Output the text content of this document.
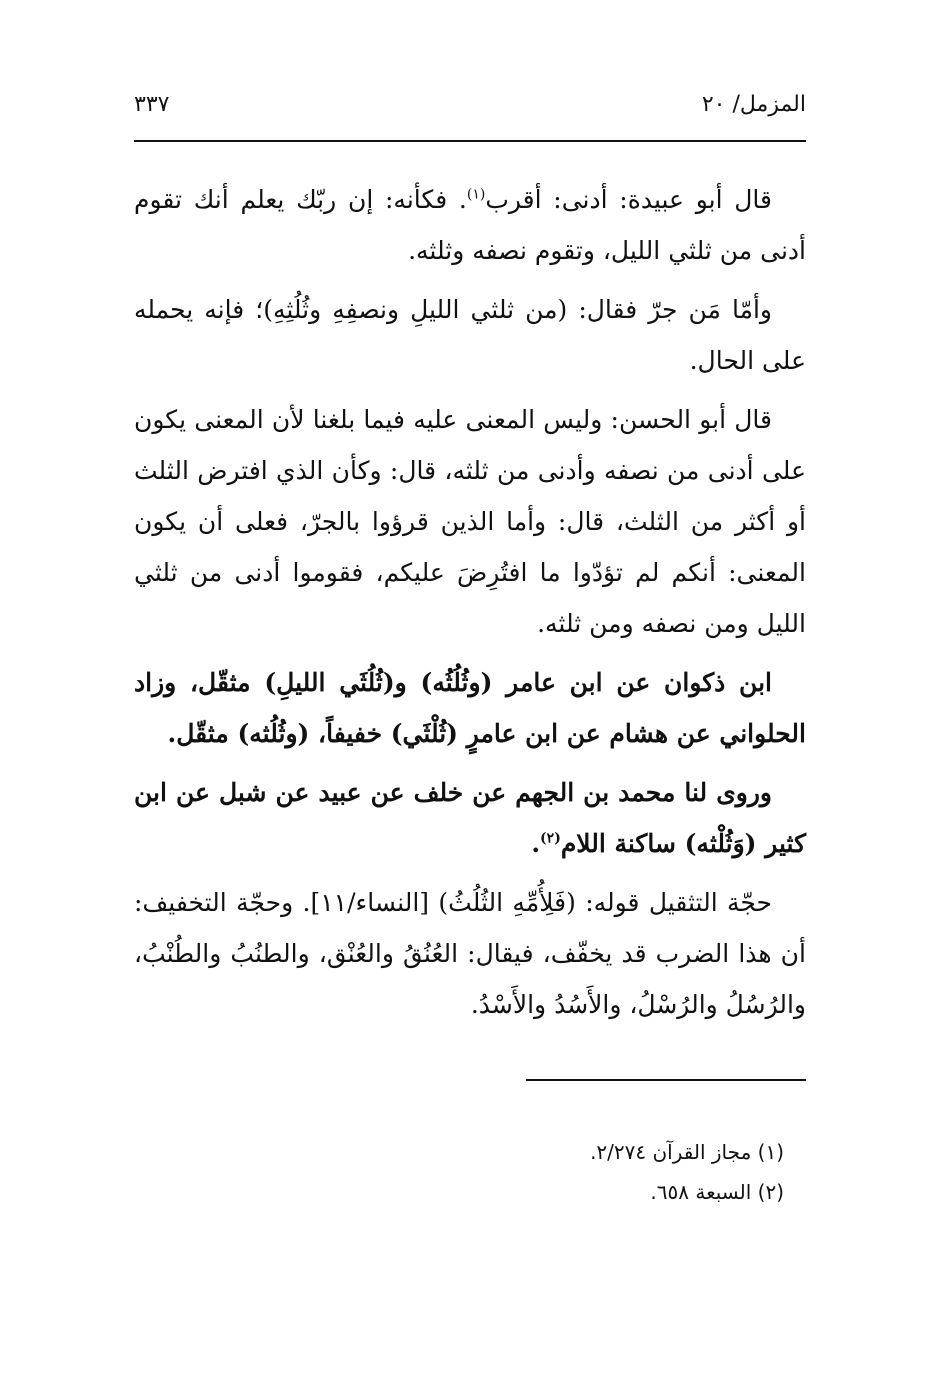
المزمل/ ٢٠
٣٣٧

قال أبو عبيدة: أدنى: أقرب$^{(١)}$. فكأنه: إن ربّك يعلم أنك تقوم أدنى من ثلثي الليل، وتقوم نصفه وثلثه.

وأمّا مَن جرّ فقال: (من ثلثي الليلِ ونصفِهِ وثُلُثِهِ)؛ فإنه يحمله على الحال.

قال أبو الحسن: وليس المعنى عليه فيما بلغنا لأن المعنى يكون على أدنى من نصفه وأدنى من ثلثه، قال: وكأن الذي افترض الثلث أو أكثر من الثلث، قال: وأما الذين قرؤوا بالجرّ، فعلى أن يكون المعنى: أنكم لم تؤدّوا ما افتُرِضَ عليكم، فقوموا أدنى من ثلثي الليل ومن نصفه ومن ثلثه.

ابن ذكوان عن ابن عامر (وثُلُثُه) و(ثُلُثَي الليلِ) مثقّل، وزاد الحلواني عن هشام عن ابن عامرٍ (ثُلْثَي) خفيفاً، (وثُلُثه) مثقّل.

وروى لنا محمد بن الجهم عن خلف عن عبيد عن شبل عن ابن كثير (وَثُلْثه) ساكنة اللام$^{(٢)}$.

حجّة التثقيل قوله: (فَلِأُمِّهِ الثُلُثُ) [النساء/١١]. وحجّة التخفيف: أن هذا الضرب قد يخفّف، فيقال: العُنُقُ والعُنْق، والطنُبُ والطُنْبُ، والرُسُلُ والرُسْلُ، والأَسُدُ والأَسْدُ.

(١) مجاز القرآن ٢/٢٧٤.
(٢) السبعة ٦٥٨.
